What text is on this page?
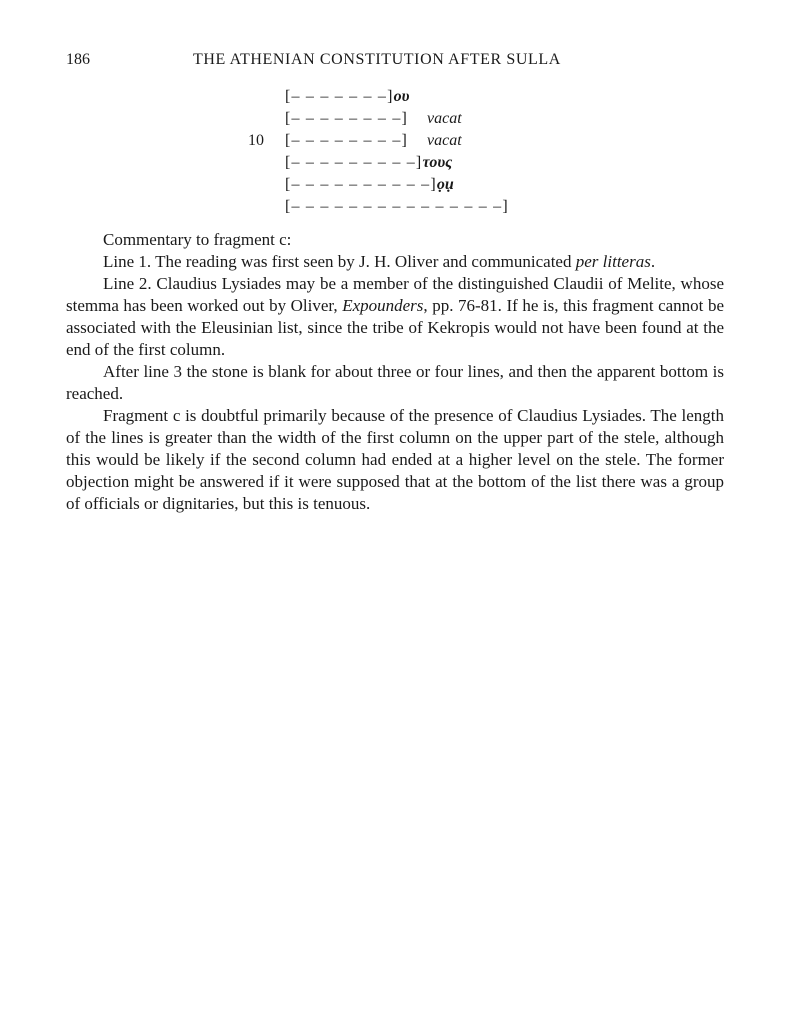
186	THE ATHENIAN CONSTITUTION AFTER SULLA
10
[– – – – – – –]ου
[– – – – – – – –] vacat
[– – – – – – – –] vacat
[– – – – – – – – –]τους
[– – – – – – – – – –]ọụ
[– – – – – – – – – – – – – – –]
Commentary to fragment c:

Line 1. The reading was first seen by J. H. Oliver and communicated per litteras.

Line 2. Claudius Lysiades may be a member of the distinguished Claudii of Melite, whose stemma has been worked out by Oliver, Expounders, pp. 76-81. If he is, this fragment cannot be associated with the Eleusinian list, since the tribe of Kekropis would not have been found at the end of the first column.

After line 3 the stone is blank for about three or four lines, and then the apparent bottom is reached.

Fragment c is doubtful primarily because of the presence of Claudius Lysiades. The length of the lines is greater than the width of the first column on the upper part of the stele, although this would be likely if the second column had ended at a higher level on the stele. The former objection might be answered if it were supposed that at the bottom of the list there was a group of officials or dignitaries, but this is tenuous.
